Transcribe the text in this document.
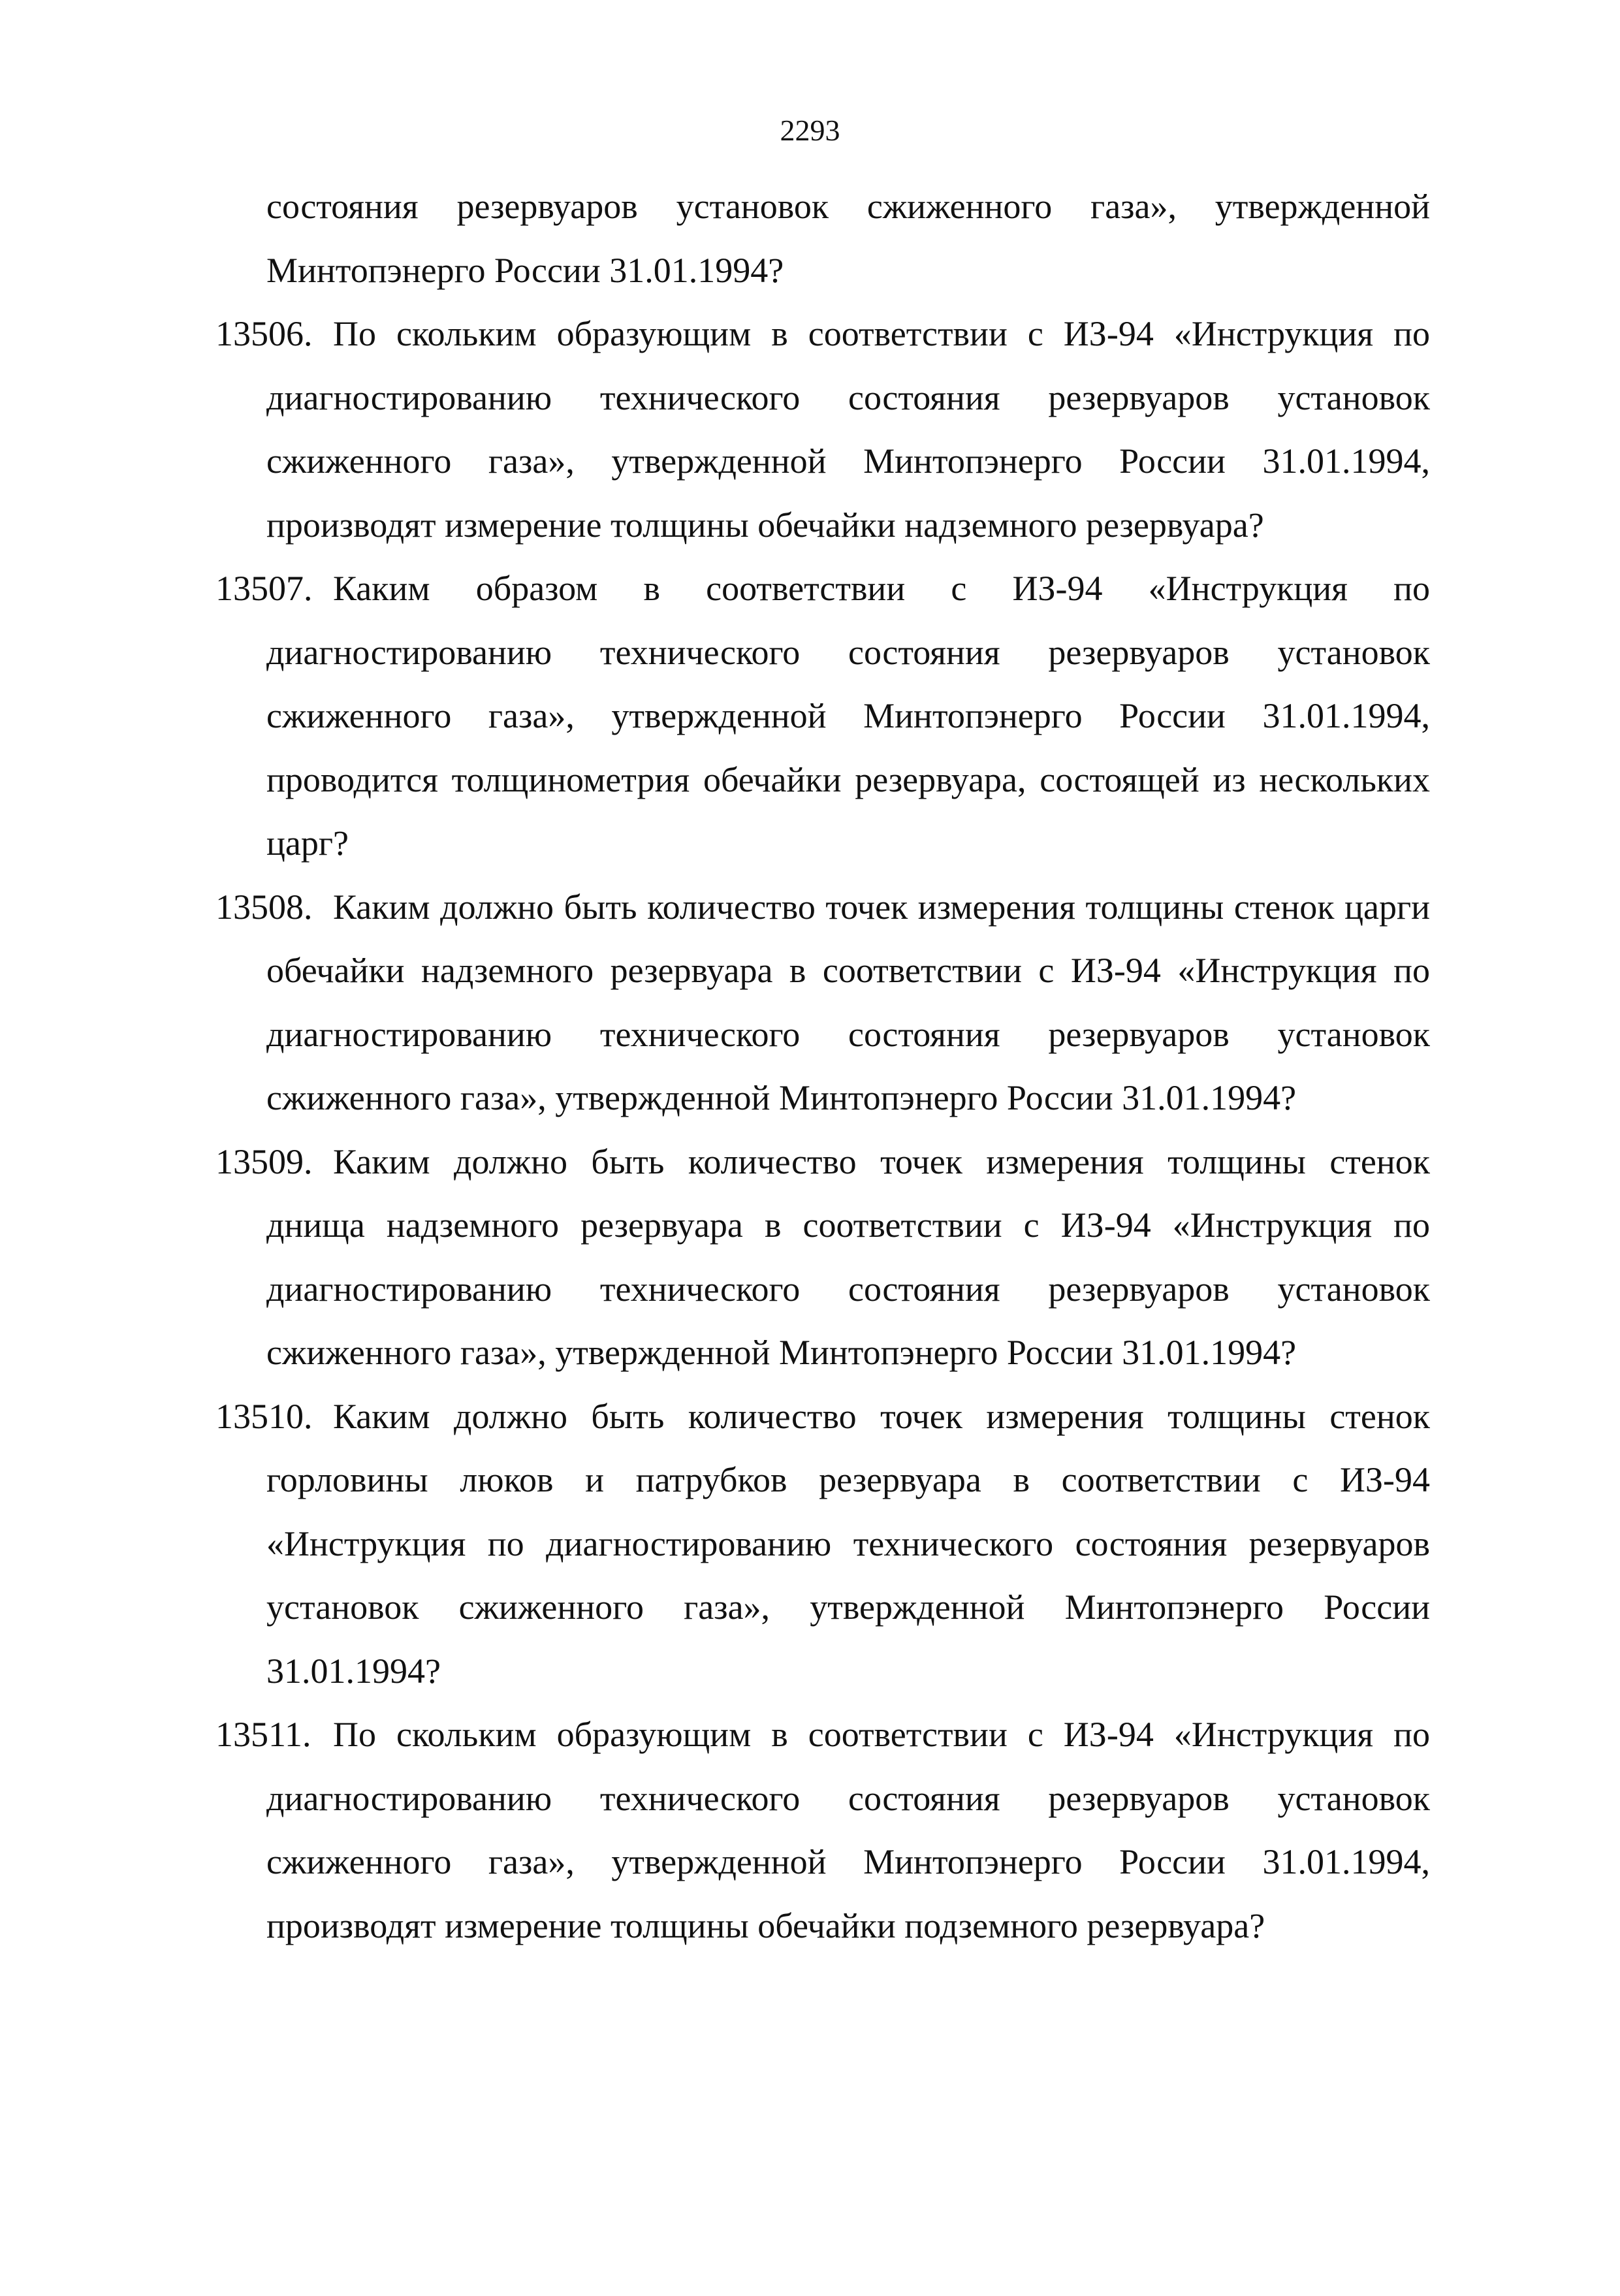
2293

состояния резервуаров установок сжиженного газа», утвержденной Минтопэнерго России 31.01.1994?

13506. По скольким образующим в соответствии с ИЗ-94 «Инструкция по диагностированию технического состояния резервуаров установок сжиженного газа», утвержденной Минтопэнерго России 31.01.1994, производят измерение толщины обечайки надземного резервуара?

13507. Каким образом в соответствии с ИЗ-94 «Инструкция по диагностированию технического состояния резервуаров установок сжиженного газа», утвержденной Минтопэнерго России 31.01.1994, проводится толщинометрия обечайки резервуара, состоящей из нескольких царг?

13508. Каким должно быть количество точек измерения толщины стенок царги обечайки надземного резервуара в соответствии с ИЗ-94 «Инструкция по диагностированию технического состояния резервуаров установок сжиженного газа», утвержденной Минтопэнерго России 31.01.1994?

13509. Каким должно быть количество точек измерения толщины стенок днища надземного резервуара в соответствии с ИЗ-94 «Инструкция по диагностированию технического состояния резервуаров установок сжиженного газа», утвержденной Минтопэнерго России 31.01.1994?

13510. Каким должно быть количество точек измерения толщины стенок горловины люков и патрубков резервуара в соответствии с ИЗ-94 «Инструкция по диагностированию технического состояния резервуаров установок сжиженного газа», утвержденной Минтопэнерго России 31.01.1994?

13511. По скольким образующим в соответствии с ИЗ-94 «Инструкция по диагностированию технического состояния резервуаров установок сжиженного газа», утвержденной Минтопэнерго России 31.01.1994, производят измерение толщины обечайки подземного резервуара?
